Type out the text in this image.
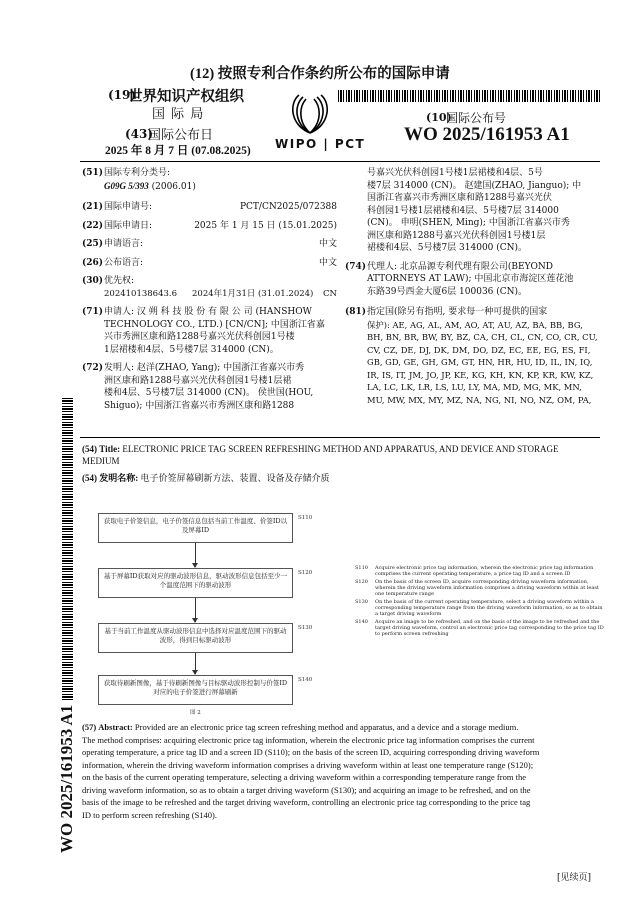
(12) 按照专利合作条约所公布的国际申请
(19)
世界知识产权组织
国 际 局
(43)
国际公布日
2025 年 8 月 7 日 (07.08.2025) WIPO | PCT
(10)
国际公布号
WO 2025/161953 A1
(51)国际专利分类号:
G09G 5/393 (2006.01)
(21)国际申请号:	PCT/CN2025/072388
(22)国际申请日:	2025 年 1 月 15 日 (15.01.2025)
(25)申请语言:	中文
(26)公布语言:	中文
(30)优先权:
202410138643.6 2024年1月31日 (31.01.2024) CN
(71)申请人: 汉 朔 科 技 股 份 有 限 公 司 (HANSHOW
TECHNOLOGY CO., LTD.) [CN/CN]; 中国浙江省嘉
兴市秀洲区康和路1288号嘉兴光伏科创园1号楼
1层裙楼和4层、5号楼7层 314000 (CN)。
(72)发明人: 赵洋(ZHAO, Yang); 中国浙江省嘉兴市秀
洲区康和路1288号嘉兴光伏科创园1号楼1层裙
楼和4层、5号楼7层 314000 (CN)。 侯世国(HOU,
Shiguo); 中国浙江省嘉兴市秀洲区康和路1288
号嘉兴光伏科创园1号楼1层裙楼和4层、5号
楼7层 314000 (CN)。 赵建国(ZHAO, Jianguo); 中
国浙江省嘉兴市秀洲区康和路1288号嘉兴光伏
科创园1号楼1层裙楼和4层、5号楼7层 314000
(CN)。 申明(SHEN, Ming); 中国浙江省嘉兴市秀
洲区康和路1288号嘉兴光伏科创园1号楼1层
裙楼和4层、5号楼7层 314000 (CN)。
(74)代理人: 北京品源专利代理有限公司(BEYOND
ATTORNEYS AT LAW); 中国北京市海淀区莲花池
东路39号西金大厦6层 100036 (CN)。
(81)指定国(除另有指明, 要求每一种可提供的国家
保护): AE, AG, AL, AM, AO, AT, AU, AZ, BA, BB, BG,
BH, BN, BR, BW, BY, BZ, CA, CH, CL, CN, CO, CR, CU,
CV, CZ, DE, DJ, DK, DM, DO, DZ, EC, EE, EG, ES, FI,
GB, GD, GE, GH, GM, GT, HN, HR, HU, ID, IL, IN, IQ,
IR, IS, IT, JM, JO, JP, KE, KG, KH, KN, KP, KR, KW, KZ,
LA, LC, LK, LR, LS, LU, LY, MA, MD, MG, MK, MN,
MU, MW, MX, MY, MZ, NA, NG, NI, NO, NZ, OM, PA,
(54) Title: ELECTRONIC PRICE TAG SCREEN REFRESHING METHOD AND APPARATUS, AND DEVICE AND STORAGE
MEDIUM
(54) 发明名称: 电子价签屏幕刷新方法、装置、设备及存储介质
获取电子价签信息，电子价签信息包括当前工作温度、价签ID以及屏幕ID
S110
基于屏幕ID获取对应的驱动波形信息，驱动波形信息包括至少一个温度范围下的驱动波形
S120
基于当前工作温度从驱动波形信息中选择对应温度范围下的驱动波形，得到目标驱动波形
S130
获取待刷新图像，基于待刷新图像与目标驱动波形控制与价签ID对应的电子价签进行屏幕刷新
S140
图 2
S110 Acquire electronic price tag information, wherein the electronic price tag information
comprises the current operating temperature, a price tag ID and a screen ID
S120 On the basis of the screen ID, acquire corresponding driving waveform information,
wherein the driving waveform information comprises a driving waveform within at least
one temperature range
S130 On the basis of the current operating temperature, select a driving waveform within a
corresponding temperature range from the driving waveform information, so as to obtain
a target driving waveform
S140 Acquire an image to be refreshed, and on the basis of the image to be refreshed and the
target driving waveform, control an electronic price tag corresponding to the price tag ID
to perform screen refreshing
WO 2025/161953 A1 (57) Abstract: Provided are an electronic price tag screen refreshing method and apparatus, and a device and a storage medium.
The method comprises: acquiring electronic price tag information, wherein the electronic price tag information comprises the current
operating temperature, a price tag ID and a screen ID (S110); on the basis of the screen ID, acquiring corresponding driving waveform
information, wherein the driving waveform information comprises a driving waveform within at least one temperature range (S120);
on the basis of the current operating temperature, selecting a driving waveform within a corresponding temperature range from the
driving waveform information, so as to obtain a target driving waveform (S130); and acquiring an image to be refreshed, and on the
basis of the image to be refreshed and the target driving waveform, controlling an electronic price tag corresponding to the price tag
ID to perform screen refreshing (S140).
[见续页]
